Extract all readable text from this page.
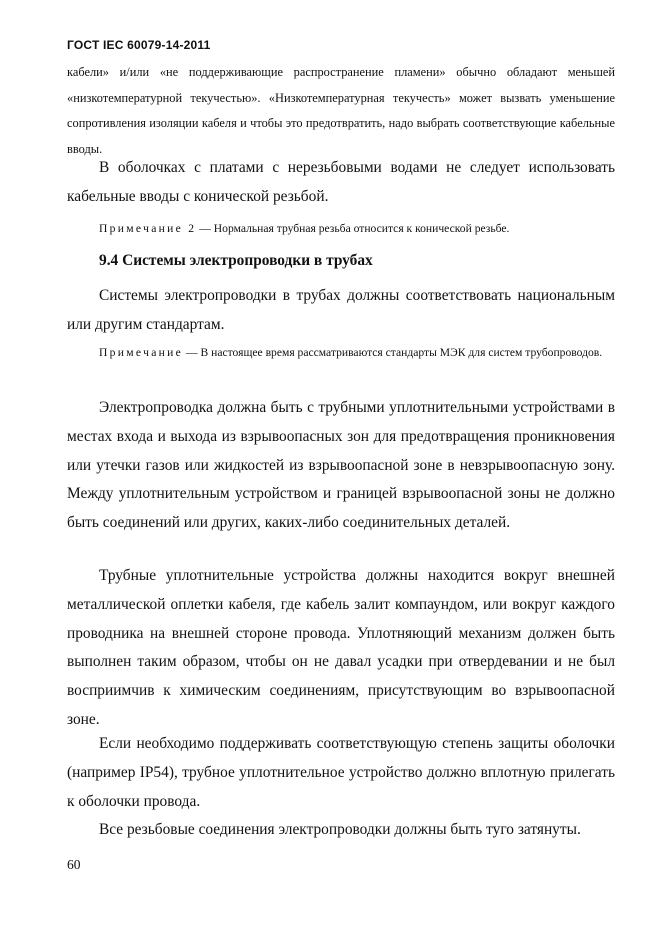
ГОСТ IEC 60079-14-2011

кабели» и/или «не поддерживающие распространение пламени» обычно обладают меньшей «низкотемпературной текучестью». «Низкотемпературная текучесть» может вызвать уменьшение сопротивления изоляции кабеля и чтобы это предотвратить, надо выбрать соответствующие кабельные вводы.

В оболочках с платами с нерезьбовыми водами не следует использовать кабельные вводы с конической резьбой.

Примечание 2 — Нормальная трубная резьба относится к конической резьбе.

9.4 Системы электропроводки в трубах

Системы электропроводки в трубах должны соответствовать национальным или другим стандартам.

Примечание — В настоящее время рассматриваются стандарты МЭК для систем трубопроводов.

Электропроводка должна быть с трубными уплотнительными устройствами в местах входа и выхода из взрывоопасных зон для предотвращения проникновения или утечки газов или жидкостей из взрывоопасной зоне в невзрывоопасную зону. Между уплотнительным устройством и границей взрывоопасной зоны не должно быть соединений или других, каких-либо соединительных деталей.

Трубные уплотнительные устройства должны находится вокруг внешней металлической оплетки кабеля, где кабель залит компаундом, или вокруг каждого проводника на внешней стороне провода. Уплотняющий механизм должен быть выполнен таким образом, чтобы он не давал усадки при отвердевании и не был восприимчив к химическим соединениям, присутствующим во взрывоопасной зоне.

Если необходимо поддерживать соответствующую степень защиты оболочки (например IP54), трубное уплотнительное устройство должно вплотную прилегать к оболочки провода.

Все резьбовые соединения электропроводки должны быть туго затянуты.

60
